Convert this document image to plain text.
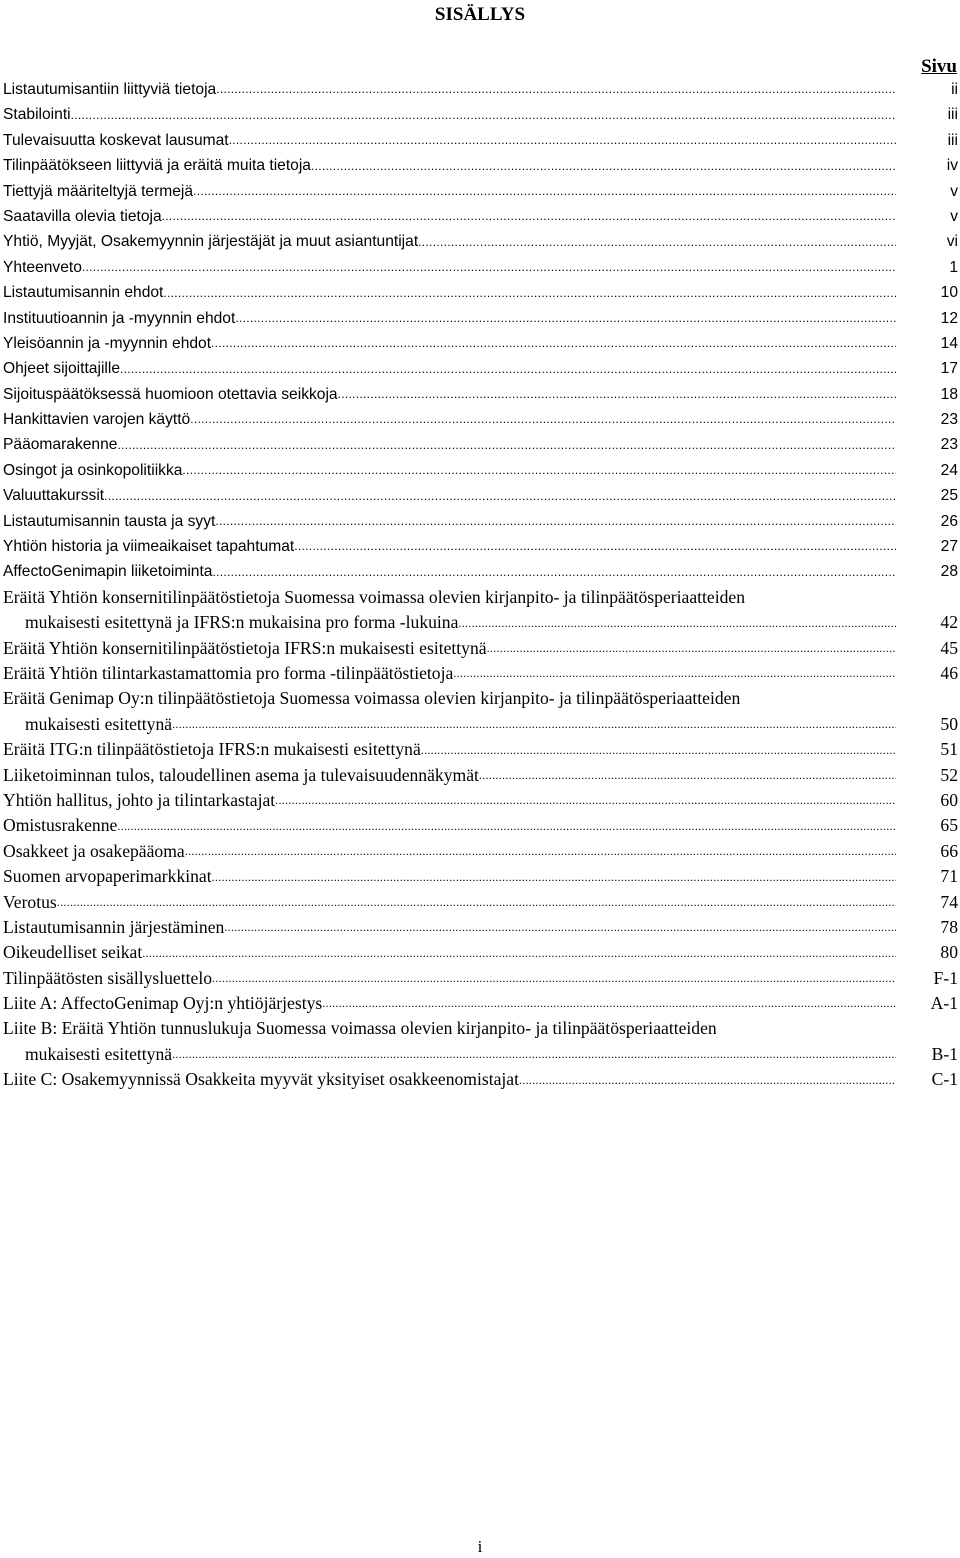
SISÄLLYS
Sivu
Listautumisantiin liittyviä tietoja .....	ii
Stabilointi .....	iii
Tulevaisuutta koskevat lausumat .....	iii
Tilinpäätökseen liittyviä ja eräitä muita tietoja .....	iv
Tiettyjä määriteltyjä termejä .....	v
Saatavilla olevia tietoja .....	v
Yhtiö, Myyjät, Osakemyynnin järjestäjät ja muut asiantuntijat .....	vi
Yhteenveto .....	1
Listautumisannin ehdot .....	10
Instituutioannin ja -myynnin ehdot .....	12
Yleisöannin ja -myynnin ehdot .....	14
Ohjeet sijoittajille .....	17
Sijoituspäätöksessä huomioon otettavia seikkoja .....	18
Hankittavien varojen käyttö .....	23
Pääomarakenne .....	23
Osingot ja osinkopolitiikka .....	24
Valuuttakurssit .....	25
Listautumisannin tausta ja syyt .....	26
Yhtiön historia ja viimeaikaiset tapahtumat .....	27
AffectoGenimapin liiketoiminta .....	28
Eräitä Yhtiön konsernitilinpäätöstietoja Suomessa voimassa olevien kirjanpito- ja tilinpäätösperiaatteiden
mukaisesti esitettynä ja IFRS:n mukaisina pro forma -lukuina .....	42
Eräitä Yhtiön konsernitilinpäätöstietoja IFRS:n mukaisesti esitettynä .....	45
Eräitä Yhtiön tilintarkastamattomia pro forma -tilinpäätöstietoja .....	46
Eräitä Genimap Oy:n tilinpäätöstietoja Suomessa voimassa olevien kirjanpito- ja tilinpäätösperiaatteiden
mukaisesti esitettynä .....	50
Eräitä ITG:n tilinpäätöstietoja IFRS:n mukaisesti esitettynä .....	51
Liiketoiminnan tulos, taloudellinen asema ja tulevaisuudennäkymät .....	52
Yhtiön hallitus, johto ja tilintarkastajat .....	60
Omistusrakenne .....	65
Osakkeet ja osakepääoma .....	66
Suomen arvopaperimarkkinat .....	71
Verotus .....	74
Listautumisannin järjestäminen .....	78
Oikeudelliset seikat .....	80
Tilinpäätösten sisällysluettelo .....	F-1
Liite A: AffectoGenimap Oyj:n yhtiöjärjestys .....	A-1
Liite B: Eräitä Yhtiön tunnuslukuja Suomessa voimassa olevien kirjanpito- ja tilinpäätösperiaatteiden
mukaisesti esitettynä .....	B-1
Liite C: Osakemyynnissä Osakkeita myyvät yksityiset osakkeenomistajat .....	C-1
i
